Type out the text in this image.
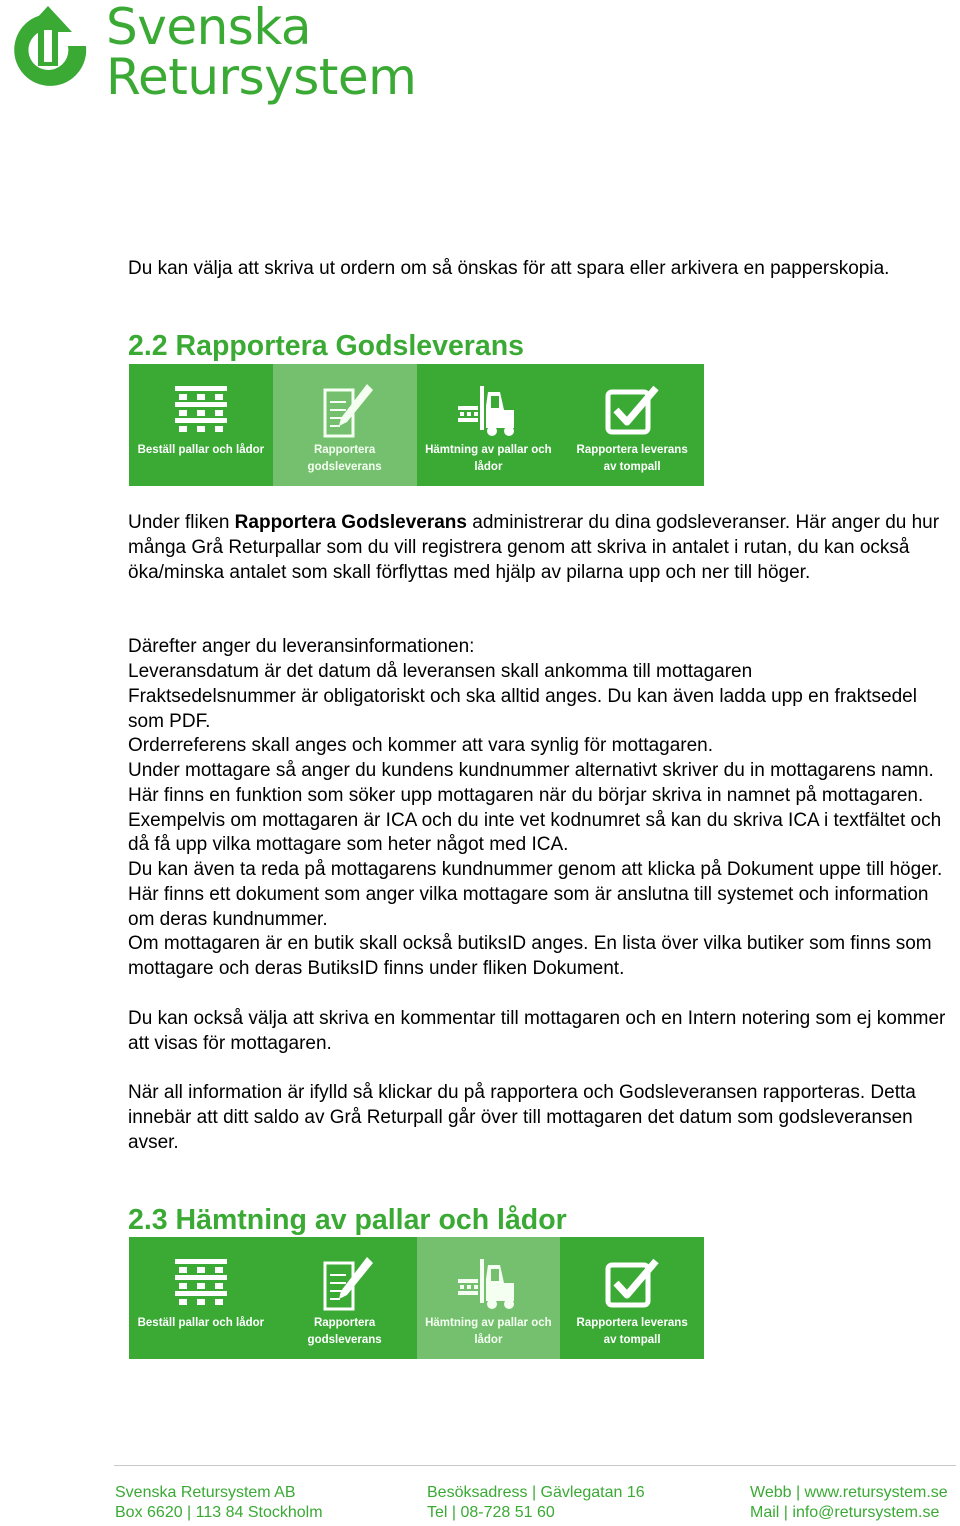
Svenska
Retursystem

Du kan välja att skriva ut ordern om så önskas för att spara eller arkivera en papperskopia.

2.2 Rapportera Godsleverans
Beställ pallar och lådor	Rapportera
godsleverans
Hämtning av pallar och
lådor
Rapportera leverans
av tompall

Under fliken Rapportera Godsleverans administrerar du dina godsleveranser. Här anger du hur många Grå Returpallar som du vill registrera genom att skriva in antalet i rutan, du kan också öka/minska antalet som skall förflyttas med hjälp av pilarna upp och ner till höger.

Därefter anger du leveransinformationen:

Leveransdatum är det datum då leveransen skall ankomma till mottagaren

Fraktsedelsnummer är obligatoriskt och ska alltid anges. Du kan även ladda upp en fraktsedel som PDF.

Orderreferens skall anges och kommer att vara synlig för mottagaren.

Under mottagare så anger du kundens kundnummer alternativt skriver du in mottagarens namn. Här finns en funktion som söker upp mottagaren när du börjar skriva in namnet på mottagaren. Exempelvis om mottagaren är ICA och du inte vet kodnumret så kan du skriva ICA i textfältet och då få upp vilka mottagare som heter något med ICA.

Du kan även ta reda på mottagarens kundnummer genom att klicka på Dokument uppe till höger. Här finns ett dokument som anger vilka mottagare som är anslutna till systemet och information om deras kundnummer.

Om mottagaren är en butik skall också butiksID anges. En lista över vilka butiker som finns som mottagare och deras ButiksID finns under fliken Dokument.

Du kan också välja att skriva en kommentar till mottagaren och en Intern notering som ej kommer att visas för mottagaren.

När all information är ifylld så klickar du på rapportera och Godsleveransen rapporteras. Detta innebär att ditt saldo av Grå Returpall går över till mottagaren det datum som godsleveransen avser.

2.3 Hämtning av pallar och lådor
Beställ pallar och lådor	Rapportera
godsleverans
Hämtning av pallar och
lådor
Rapportera leverans
av tompall
Svenska Retursystem AB
Box 6620 | 113 84 Stockholm
Besöksadress | Gävlegatan 16
Tel | 08-728 51 60
Webb | www.retursystem.se
Mail | info@retursystem.se
